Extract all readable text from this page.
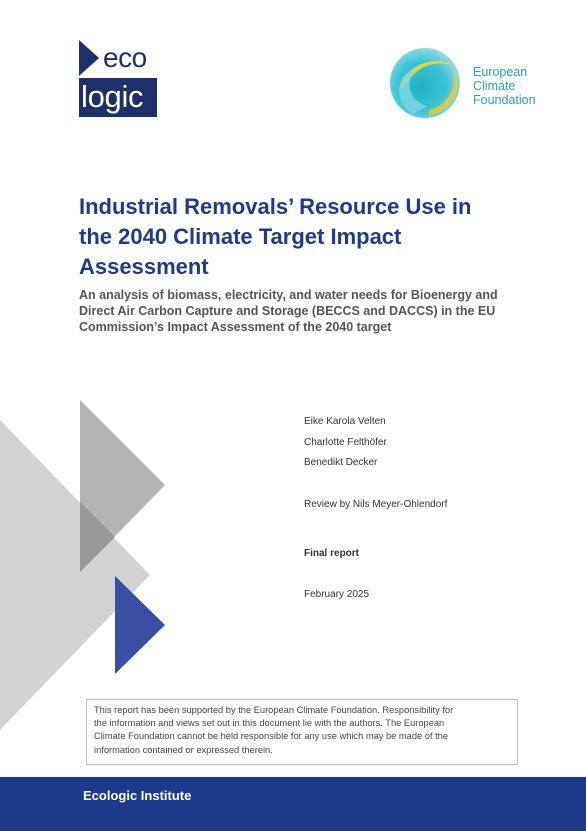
eco
logic
European
Climate
Foundation
Industrial Removals’ Resource Use in
the 2040 Climate Target Impact
Assessment
An analysis of biomass, electricity, and water needs for Bioenergy and
Direct Air Carbon Capture and Storage (BECCS and DACCS) in the EU
Commission’s Impact Assessment of the 2040 target
Eike Karola Velten
Charlotte Felthöfer
Benedikt Decker
Review by Nils Meyer-Ohlendorf
Final report
February 2025
This report has been supported by the European Climate Foundation. Responsibility for
the information and views set out in this document lie with the authors. The European
Climate Foundation cannot be held responsible for any use which may be made of the
information contained or expressed therein.
Ecologic Institute
